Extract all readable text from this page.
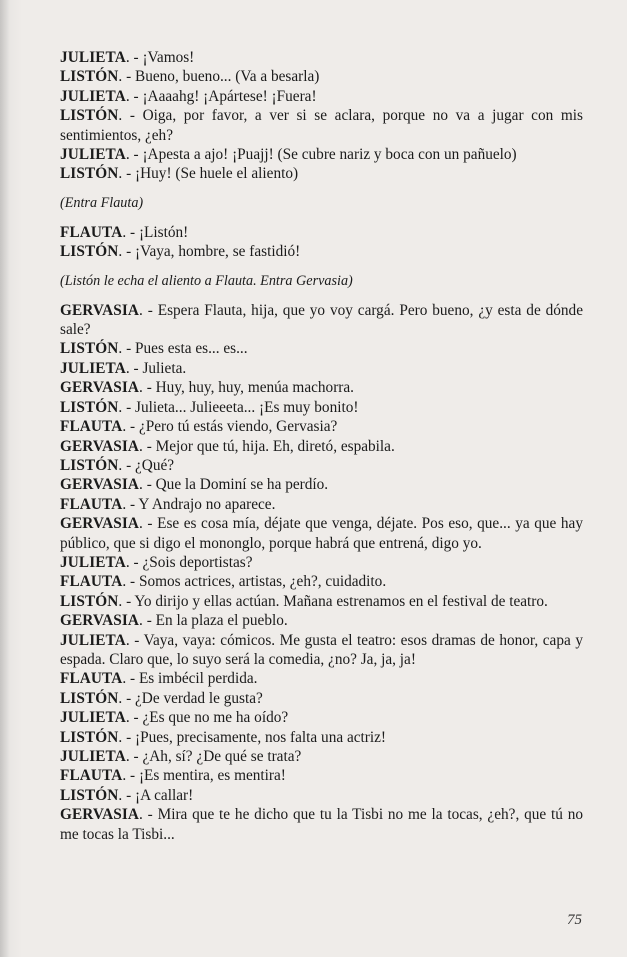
JULIETA. - ¡Vamos!

LISTÓN. - Bueno, bueno... (Va a besarla)

JULIETA. - ¡Aaaahg! ¡Apártese! ¡Fuera!

LISTÓN. - Oiga, por favor, a ver si se aclara, porque no va a jugar con mis sentimientos, ¿eh?

JULIETA. - ¡Apesta a ajo! ¡Puajj! (Se cubre nariz y boca con un pañuelo)

LISTÓN. - ¡Huy! (Se huele el aliento)

(Entra Flauta)

FLAUTA. - ¡Listón!

LISTÓN. - ¡Vaya, hombre, se fastidió!

(Listón le echa el aliento a Flauta. Entra Gervasia)

GERVASIA. - Espera Flauta, hija, que yo voy cargá. Pero bueno, ¿y esta de dónde sale?

LISTÓN. - Pues esta es... es...

JULIETA. - Julieta.

GERVASIA. - Huy, huy, huy, menúa machorra.

LISTÓN. - Julieta... Julieeeta... ¡Es muy bonito!

FLAUTA. - ¿Pero tú estás viendo, Gervasia?

GERVASIA. - Mejor que tú, hija. Eh, diretó, espabila.

LISTÓN. - ¿Qué?

GERVASIA. - Que la Dominí se ha perdío.

FLAUTA. - Y Andrajo no aparece.

GERVASIA. - Ese es cosa mía, déjate que venga, déjate. Pos eso, que... ya que hay público, que si digo el mononglo, porque habrá que entrená, digo yo.

JULIETA. - ¿Sois deportistas?

FLAUTA. - Somos actrices, artistas, ¿eh?, cuidadito.

LISTÓN. - Yo dirijo y ellas actúan. Mañana estrenamos en el festival de teatro.

GERVASIA. - En la plaza el pueblo.

JULIETA. - Vaya, vaya: cómicos. Me gusta el teatro: esos dramas de honor, capa y espada. Claro que, lo suyo será la comedia, ¿no? Ja, ja, ja!

FLAUTA. - Es imbécil perdida.

LISTÓN. - ¿De verdad le gusta?

JULIETA. - ¿Es que no me ha oído?

LISTÓN. - ¡Pues, precisamente, nos falta una actriz!

JULIETA. - ¿Ah, sí? ¿De qué se trata?

FLAUTA. - ¡Es mentira, es mentira!

LISTÓN. - ¡A callar!

GERVASIA. - Mira que te he dicho que tu la Tisbi no me la tocas, ¿eh?, que tú no me tocas la Tisbi...

75
